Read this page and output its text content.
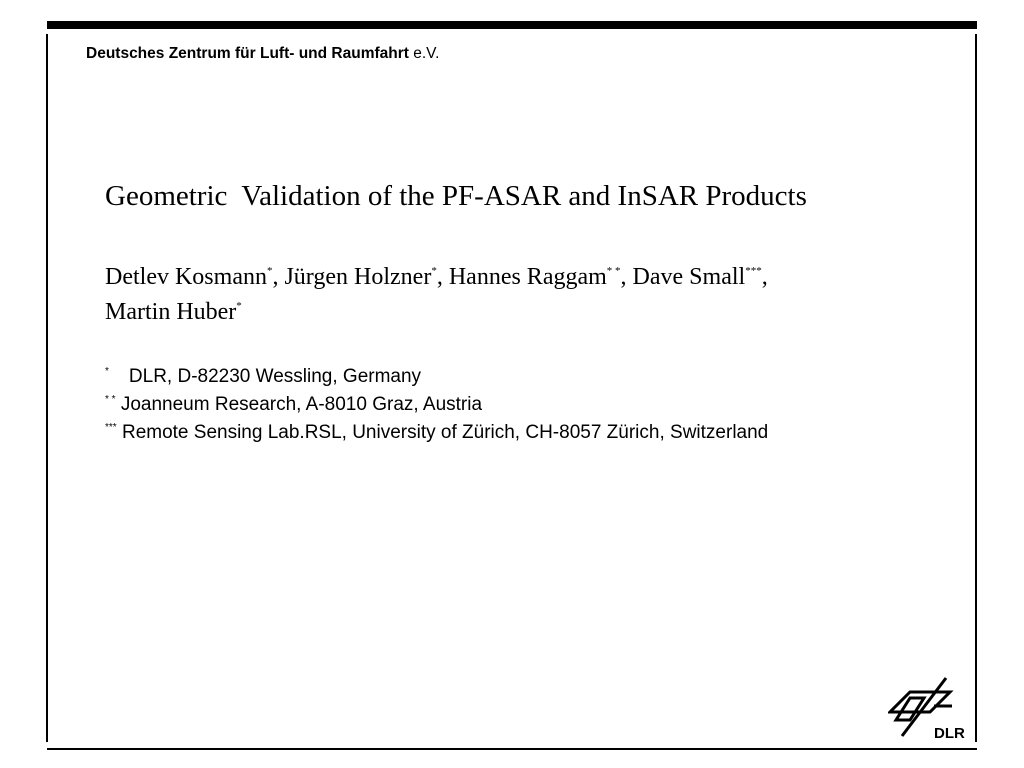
Deutsches Zentrum für Luft- und Raumfahrt e.V.
Geometric  Validation of the PF-ASAR and InSAR Products
Detlev Kosmann*, Jürgen Holzner*, Hannes Raggam* *, Dave Small***,
Martin Huber*
* DLR, D-82230 Wessling, Germany
* * Joanneum Research, A-8010 Graz, Austria
*** Remote Sensing Lab.RSL, University of Zürich, CH-8057 Zürich, Switzerland
DLR
